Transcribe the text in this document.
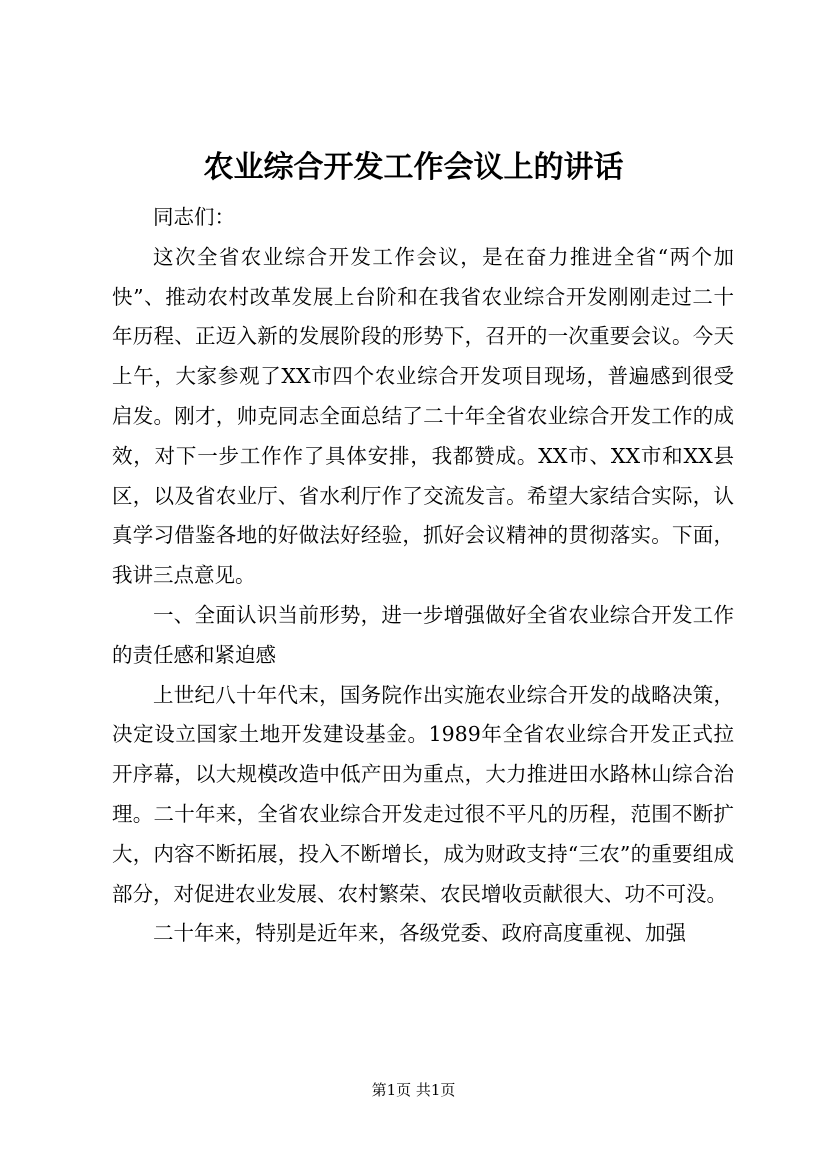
农业综合开发工作会议上的讲话

同志们：

这次全省农业综合开发工作会议，是在奋力推进全省“两个加快”、推动农村改革发展上台阶和在我省农业综合开发刚刚走过二十年历程、正迈入新的发展阶段的形势下，召开的一次重要会议。今天上午，大家参观了XX市四个农业综合开发项目现场，普遍感到很受启发。刚才，帅克同志全面总结了二十年全省农业综合开发工作的成效，对下一步工作作了具体安排，我都赞成。XX市、XX市和XX县区，以及省农业厅、省水利厅作了交流发言。希望大家结合实际，认真学习借鉴各地的好做法好经验，抓好会议精神的贯彻落实。下面，我讲三点意见。

一、全面认识当前形势，进一步增强做好全省农业综合开发工作的责任感和紧迫感

上世纪八十年代末，国务院作出实施农业综合开发的战略决策，决定设立国家土地开发建设基金。1989年全省农业综合开发正式拉开序幕，以大规模改造中低产田为重点，大力推进田水路林山综合治理。二十年来，全省农业综合开发走过很不平凡的历程，范围不断扩大，内容不断拓展，投入不断增长，成为财政支持“三农”的重要组成部分，对促进农业发展、农村繁荣、农民增收贡献很大、功不可没。

二十年来，特别是近年来，各级党委、政府高度重视、加强

第1页 共1页
